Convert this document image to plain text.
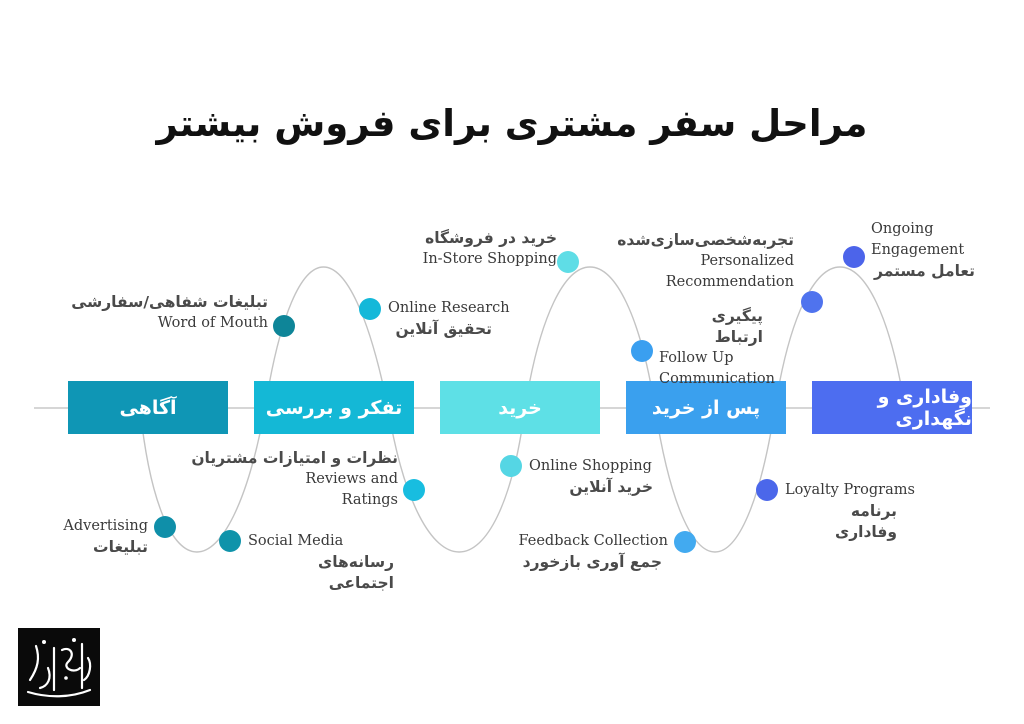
مراحل سفر مشتری برای فروش بیشتر
آگاهی	تفکر و بررسی	خرید	پس از خرید	وفاداری و نگهداری
Advertising
تبلیغات
تبلیغات شفاهی/سفارشی
Word of Mouth
Social Media
رسانه‌های اجتماعی
Online Research
تحقیق آنلاین
نظرات و امتیازات مشتریان
Reviews and
Ratings
خرید در فروشگاه
In-Store Shopping
Online Shopping
خرید آنلاین
Feedback Collection
جمع آوری بازخورد
پیگیری ارتباط
Follow Up
Communication
تجربه‌شخصی‌سازی‌شده
Personalized
Recommendation
Loyalty Programs
برنامه وفاداری
Ongoing
Engagement
تعامل مستمر
